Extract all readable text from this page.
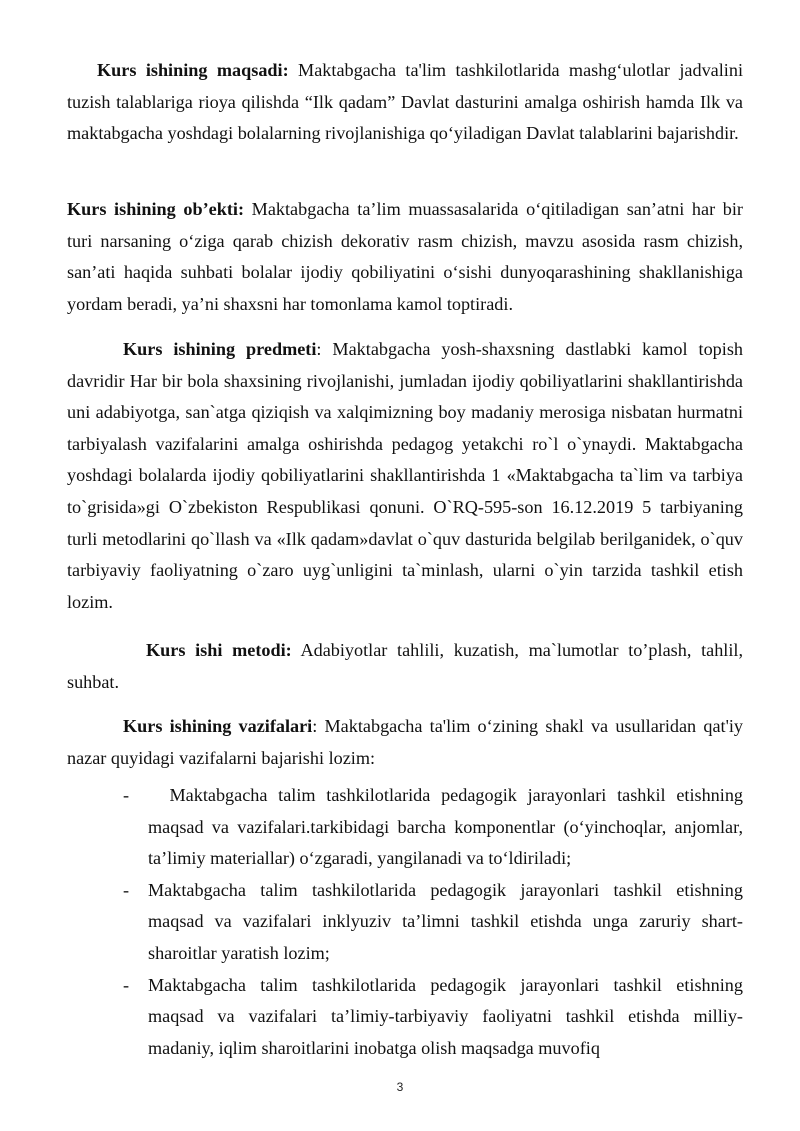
Kurs ishining maqsadi: Maktabgacha ta'lim tashkilotlarida mashg‘ulotlar jadvalini tuzish talablariga rioya qilishda “Ilk qadam” Davlat dasturini amalga oshirish hamda Ilk va maktabgacha yoshdagi bolalarning rivojlanishiga qo‘yiladigan Davlat talablarini bajarishdir.

Kurs ishining ob’ekti: Maktabgacha ta’lim muassasalarida o‘qitiladigan san’atni har bir turi narsaning o‘ziga qarab chizish dekorativ rasm chizish, mavzu asosida rasm chizish, san’ati haqida suhbati bolalar ijodiy qobiliyatini o‘sishi dunyoqarashining shakllanishiga yordam beradi, ya’ni shaxsni har tomonlama kamol toptiradi.

Kurs ishining predmeti: Maktabgacha yosh-shaxsning dastlabki kamol topish davridir Har bir bola shaxsining rivojlanishi, jumladan ijodiy qobiliyatlarini shakllantirishda uni adabiyotga, san`atga qiziqish va xalqimizning boy madaniy merosiga nisbatan hurmatni tarbiyalash vazifalarini amalga oshirishda pedagog yetakchi ro`l o`ynaydi. Maktabgacha yoshdagi bolalarda ijodiy qobiliyatlarini shakllantirishda 1 «Maktabgacha ta`lim va tarbiya to`grisida»gi O`zbekiston Respublikasi qonuni. O`RQ-595-son 16.12.2019 5 tarbiyaning turli metodlarini qo`llash va «Ilk qadam»davlat o`quv dasturida belgilab berilganidek, o`quv tarbiyaviy faoliyatning o`zaro uyg`unligini ta`minlash, ularni o`yin tarzida tashkil etish lozim.

Kurs ishi metodi: Adabiyotlar tahlili, kuzatish, ma`lumotlar to’plash, tahlil, suhbat.

Kurs ishining vazifalari: Maktabgacha ta'lim o‘zining shakl va usullaridan qat'iy nazar quyidagi vazifalarni bajarishi lozim:

- Maktabgacha talim tashkilotlarida pedagogik jarayonlari tashkil etishning maqsad va vazifalari.tarkibidagi barcha komponentlar (o‘yinchoqlar, anjomlar, ta’limiy materiallar) o‘zgaradi, yangilanadi va to‘ldiriladi;
- Maktabgacha talim tashkilotlarida pedagogik jarayonlari tashkil etishning maqsad va vazifalari inklyuziv ta’limni tashkil etishda unga zaruriy shart-sharoitlar yaratish lozim;
- Maktabgacha talim tashkilotlarida pedagogik jarayonlari tashkil etishning maqsad va vazifalari ta’limiy-tarbiyaviy faoliyatni tashkil etishda milliy-madaniy, iqlim sharoitlarini inobatga olish maqsadga muvofiq
3
